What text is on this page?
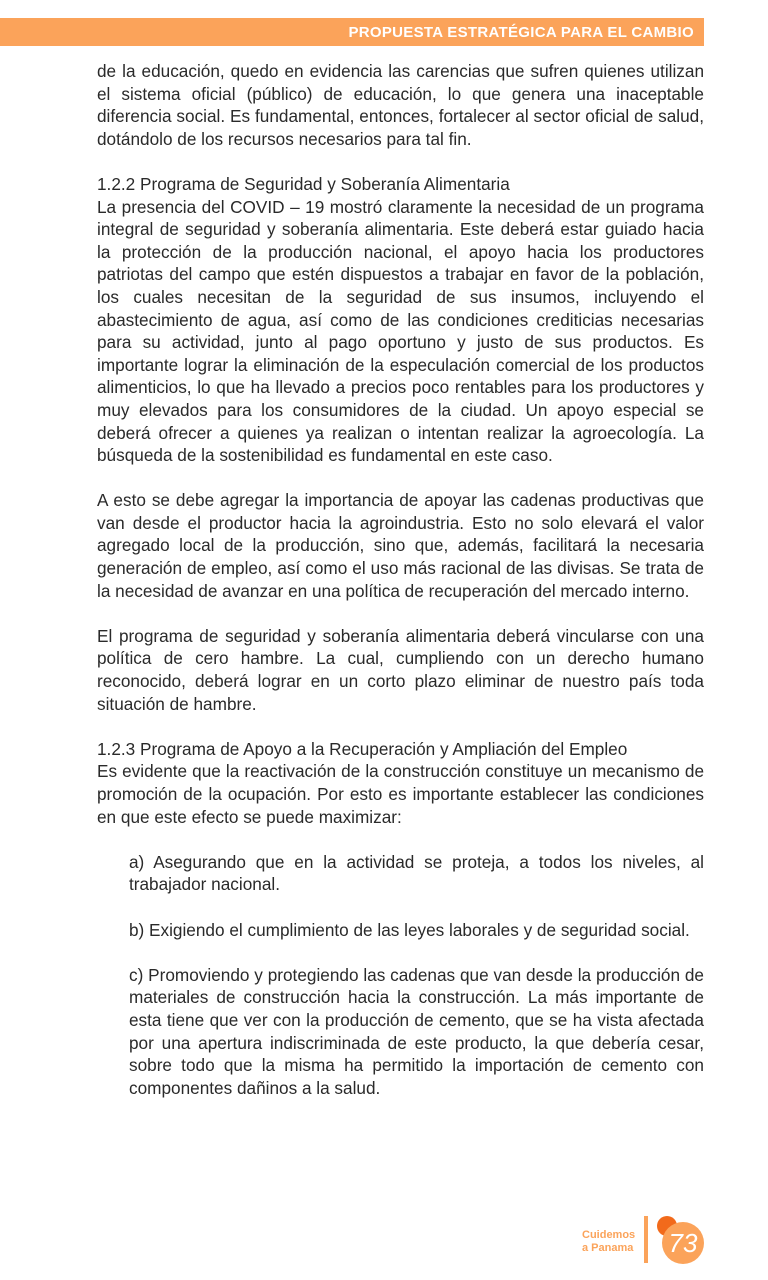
PROPUESTA ESTRATÉGICA PARA EL CAMBIO

de la educación, quedo en evidencia las carencias que sufren quienes utilizan el sistema oficial (público) de educación, lo que genera una inaceptable diferencia social. Es fundamental, entonces, fortalecer al sector oficial de salud, dotándolo de los recursos necesarios para tal fin.

1.2.2 Programa de Seguridad y Soberanía Alimentaria

La presencia del COVID – 19 mostró claramente la necesidad de un programa integral de seguridad y soberanía alimentaria. Este deberá estar guiado hacia la protección de la producción nacional, el apoyo hacia los productores patriotas del campo que estén dispuestos a trabajar en favor de la población, los cuales necesitan de la seguridad de sus insumos, incluyendo el abastecimiento de agua, así como de las condiciones crediticias necesarias para su actividad, junto al pago oportuno y justo de sus productos. Es importante lograr la eliminación de la especulación comercial de los productos alimenticios, lo que ha llevado a precios poco rentables para los productores y muy elevados para los consumidores de la ciudad. Un apoyo especial se deberá ofrecer a quienes ya realizan o intentan realizar la agroecología. La búsqueda de la sostenibilidad es fundamental en este caso.

A esto se debe agregar la importancia de apoyar las cadenas productivas que van desde el productor hacia la agroindustria. Esto no solo elevará el valor agregado local de la producción, sino que, además, facilitará la necesaria generación de empleo, así como el uso más racional de las divisas. Se trata de la necesidad de avanzar en una política de recuperación del mercado interno.

El programa de seguridad y soberanía alimentaria deberá vincularse con una política de cero hambre. La cual, cumpliendo con un derecho humano reconocido, deberá lograr en un corto plazo eliminar de nuestro país toda situación de hambre.

1.2.3 Programa de Apoyo a la Recuperación y Ampliación del Empleo

Es evidente que la reactivación de la construcción constituye un mecanismo de promoción de la ocupación. Por esto es importante establecer las condiciones en que este efecto se puede maximizar:

a) Asegurando que en la actividad se proteja, a todos los niveles, al trabajador nacional.

b) Exigiendo el cumplimiento de las leyes laborales y de seguridad social.

c) Promoviendo y protegiendo las cadenas que van desde la producción de materiales de construcción hacia la construcción. La más importante de esta tiene que ver con la producción de cemento, que se ha vista afectada por una apertura indiscriminada de este producto, la que debería cesar, sobre todo que la misma ha permitido la importación de cemento con componentes dañinos a la salud.

Cuidemos
a Panama 73
